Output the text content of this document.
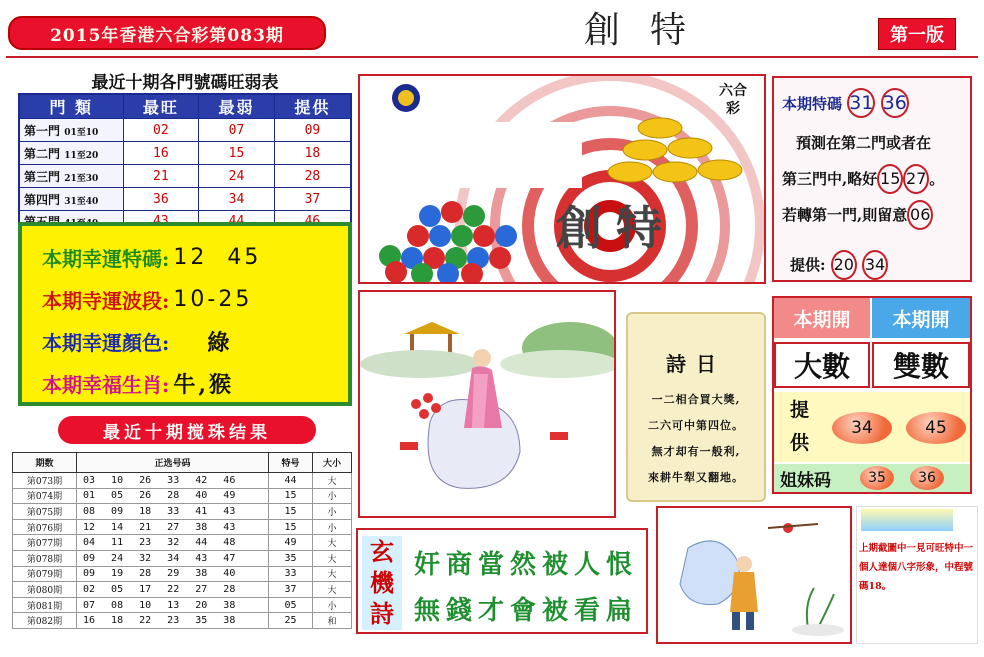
2015年香港六合彩第083期	創特	第一版
最近十期各門號碼旺弱表
門 類	最旺	最弱	提供
第一門 01至10	02	07	09
第二門 11至20	16	15	18
第三門 21至30	21	24	28
第四門 31至40	36	34	37

本期幸運特碼: 12  45
本期寺運波段: 10-25
本期幸運顏色: 綠
本期幸福生肖: 牛,猴
最近十期搅珠结果
期数	正选号码	特号	大小
第073期	03 10 26 33 42 46	44	大
第074期	01 05 26 28 40 49	15	小
第075期	08 09 18 33 41 43	15	小
第076期	12 14 21 27 38 43	15	小
第077期	04 11 23 32 44 48	49	大
第078期	09 24 32 34 43 47	35	大
第079期	09 19 28 29 38 40	33	大
第080期	02 05 17 22 27 28	37	大
第081期	07 08 10 13 20 38	05	小
第082期	16 18 22 23 35 38	25	和
六合彩
創特
詩日
一二相合買大獎,
二六可中第四位。
無才却有一般利,
來耕牛犁又翻地。
本期特碼 31 36
預測在第二門或者在
第三門中,略好 15 27 。
若轉第一門,則留意 06
提供: 20 34
本期開	本期開
大數	雙數
提供
34	45
姐妹码	35	36
玄機詩
奸商當然被人恨
無錢才會被看扁
上期截圖中一見可旺特中一個人達個八字形象，中程號碼18。
